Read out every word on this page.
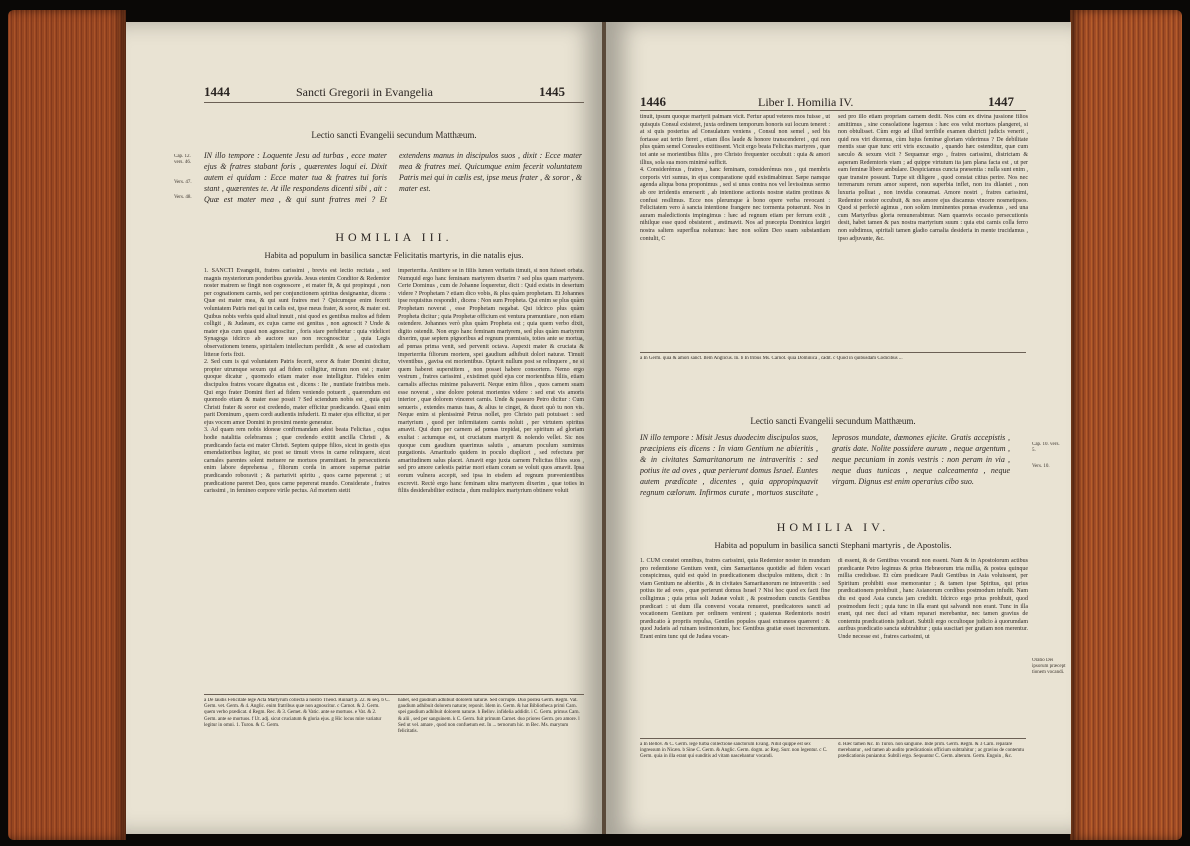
1444	Sancti Gregorii in Evangelia	1445
Lectio sancti Evangelii secundum Matthæum.
Cap. 12. vers. 46.
Vers. 47.
Vers. 48.
IN illo tempore : Loquente Jesu ad turbas , ecce mater ejus & fratres stabant foris , quærentes loqui ei. Dixit autem ei quidam : Ecce mater tua & fratres tui foris stant , quærentes te. At ille respondens dicenti sibi , ait : Quæ est mater mea , & qui sunt fratres mei ? Et extendens manus in discipulos suos , dixit : Ecce mater mea & fratres mei. Quicumque enim fecerit voluntatem Patris mei qui in cælis est, ipse meus frater , & soror , & mater est.
HOMILIA III.
Habita ad populum in basilica sanctæ Felicitatis martyris, in die natalis ejus.
1. SANCTI Evangelii, fratres carissimi , brevis est lectio recitata , sed magnis mysteriorum ponderibus gravida. Jesus etenim Conditor & Redemtor noster matrem se fingit non cognoscere , et mater fit, & qui propinqui , non per cognationem carnis, sed per conjunctionem spiritus designantur, dicens : Quæ est mater mea, & qui sunt fratres mei ? Quicumque enim fecerit voluntatem Patris mei qui in cælis est, ipse meus frater, & soror, & mater est. Quibus nobis verbis quid aliud innuit , nisi quod ex gentibus multos ad fidem colligit , & Judæam, ex cujus carne est genitus , non agnoscit ? Unde & mater ejus cum quasi non agnoscitur , foris stare perhibetur : quia videlicet Synagoga idcirco ab auctore suo non recognoscitur , quia Legis observationem tenens, spiritalem intellectum perdidit , & sese ad custodiam litteræ foris fixit.
2. Sed cum is qui voluntatem Patris fecerit, soror & frater Domini dicitur, propter utrumque sexum qui ad fidem colligitur, mirum non est ; mater quoque dicatur , quomodo etiam mater esse intelligitur. Fideles enim discipulos fratres vocare dignatus est , dicens : Ite , nuntiate fratribus meis. Qui ergo frater Domini fieri ad fidem veniendo potuerit , quærendum est quomodo etiam & mater esse possit ? Sed sciendum nobis est , quia qui Christi frater & soror est credendo, mater efficitur prædicando. Quasi enim parit Dominum , quem cordi audientis infuderit. Et mater ejus efficitur, si per ejus vocem amor Domini in proximi mente generatur.
3. Ad quam rem nobis idoneæ confirmandam adest beata Felicitas , cujus hodie natalitia celebramus ; quæ credendo extitit ancilla Christi , & prædicando facta est mater Christi. Septem quippe filios, sicut in gestis ejus emendatioribus legitur, sic post se timuit vivos in carne relinquere, sicut carnales parentes solent metuere ne mortuos præmittant. In persecutionis enim labore deprehensa , filiorum corda in amore supernæ patriæ prædicando roboravit ; & parturivit spiritu , quos carne pepererat ; ut prædicatione pareret Deo, quos carne pepererat mundo. Considerate , fratres carissimi , in femineo corpore virile pectus. Ad mortem stetit
imperterrita. Amittere se in filiis lumen veritatis timuit, si non fuisset orbata. Numquid ergo hanc feminam martyrem dixerim ? sed plus quam martyrem. Certe Dominus , cum de Johanne loqueretur, dicit : Quid existis in desertum videre ? Prophetam ? etiam dico vobis, & plus quàm prophetam. Et Johannes ipse requisitus respondit , dicens : Non sum Propheta. Qui enim se plus quàm Prophetam noverat , esse Prophetam negabat. Qui idcirco plus quàm Propheta dicitur ; quia Prophetæ officium est ventura prænuntiare , non etiam ostendere. Johannes verò plus quàm Propheta est ; quia quem verbo dixit, digito ostendit. Non ergo hanc feminam martyrem, sed plus quàm martyrem dixerim, quæ septem pignoribus ad regnum præmissis, toties ante se mortua, ad pœnas prima venit, sed pervenit octava. Aspexit mater & cruciata & imperterrita filiorum mortem, spei gaudium adhibuit dolori naturæ. Timuit viventibus , gavisa est morientibus. Optavit nullum post se relinquere , ne si quem haberet superstitem , non posset habere consortem. Nemo ergo vestrum , fratres carissimi , existimet quòd ejus cor morientibus filiis, etiam carnalis affectus minime pulsaverit. Neque enim filios , quos camem suam esse noverat , sine dolore poterat morientes videre : sed erat vis amoris interior , quæ dolorem vinceret carnis. Unde & passuro Petro dicitur : Cum senueris , extendes manus tuas, & alius te cinget, & ducet quò tu non vis. Neque enim si plenissimè Petrus nollet, pro Christo pati potuisset : sed martyrium , quod per infirmitatem carnis noluit , per virtutem spiritus amavit. Qui dum per carnem ad pœnas trepidat, per spiritum ad gloriam exultat : actumque est, ut cruciatum martyrii & nolendo vellet. Sic nos quoque cum gaudium quærimus salutis , amarum poculum sumimus purgationis. Amaritudo quidem in poculo displicet , sed refectura per amaritudinem salus placet. Amavit ergo juxta carnem Felicitas filios suos , sed pro amore cælestis patriæ mori etiam coram se voluit quos amavit. Ipsa eorum vulnera accepit, sed ipsa in eisdem ad regnum prævenientibus excrevit. Rectè ergo hanc feminam ultra martyrem dixerim , quæ toties in filiis desiderabiliter extincta , dum multiplex martyrium obtinere voluit
a De laudis Felicitate lege Acta Martyrum collecta à nostro Theod. Ruinart p. 22. & seq. b C. Germ. vet. Germ. & 4. Anglic. enim fratribus quæ non agnoscitur. c Carnot. & 2. Germ. quem verbo prædicat. d Regm. Rec. & 3. Gemet. & Vatic. ante se mortuos. e Vat. & 2. Germ. ante se mortuos. f Ut. adj. sicut cruciatum & gloria ejus. g Hic locus mire variatur legitur in omni. 1. Turon. & C. Germ.
habet, sed gaudium adhibuit dolorem naturæ. Sed corrupte. Duo postea Germ. Regm. Vat. gaudium adhibuit dolorem naturæ; reponit. Idem in. Germ. & hat Bibliotheca primi Carn. spei gaudium adhibuit dolorem naturæ. h Bellov. infidelia addidit. i C. Germ. primus Carn. & alii , sed per sanguinem. k C. Germ. fuit primum Carnet. duo priores Germ. pro amore. l Sed ut vel. amare , quod non confuetum est. In ... ternorum hic. m Bec. Ms. marytum felicitatis.
1446	Liber I. Homilia IV.	1447
tinuit, ipsum quoque martyrii palmam vicit. Fertur apud veteres mos fuisse , ut quisquis Consul existeret, juxta ordinem temporum honoris sui locum teneret : at si quis posterius ad Consulatum veniens , Consul non semel , sed bis fortasse aut tertio fieret , etiam illos laude & honore transcenderet , qui non plus quàm semel Consules extitissent. Vicit ergo beata Felicitas martyres , quæ tot ante se morientibus filiis , pro Christo frequenter occubuit : quia & amori illius, sola sua mors minimè sufficit.
4. Considerémus , fratres , hanc feminam, considerémus nos , qui membris corporis viri sumus, in ejus comparatione quid existimabimur. Sæpe namque agenda aliqua bona proponimus , sed si unus contra nos vel levissimus sermo ab ore irridentis emerserit , ab intentione actionis nostræ statim protinus & confusi resilimus. Ecce nos plerumque à bono opere verba revocant : Felicitatem vero à sancta intentione frangere nec tormenta potuerunt. Nos in auram maledictionis impingimus : hæc ad regnum etiam per ferrum exiit , nihilque esse quod obsisteret , æstimavit. Nos ad præcepta Dominica largiri nostra saltem superflua nolumus: hæc non solùm Deo suam substantiam contulit, C
sed pro illo etiam propriam carnem dedit. Nos cùm ex divina jussione filios amittimus , sine consolatione lugemus : hæc eos velut mortuos plangeret, si non obtulisset. Cùm ergo ad illud terribile examen districti judicis venerit , quid nos viri dicemus, cùm hujus feminæ gloriam viderimus ? De debilitate mentis suæ quæ tunc erit viris excusatio , quando hæc ostenditur, quæ cum sæculo & sexum vicit ? Sequamur ergo , fratres carissimi, districtam & asperam Redemtoris viam ; ad quippe virtutum ita jam plana facta est , ut per eam feminæ libere ambulare. Despiciamus cuncta præsentia : nulla sunt enim , quæ transire possunt. Turpe sit diligere , quod constat citius perire. Nos nec terrenarum rerum amor superet, non superbia inflet, non ira dilaniet , non luxuria polluat , non invidia consumat. Amore nostri , fratres carissimi, Redemtor noster occubuit, & nos amore ejus discamus vincere nosmetipsos. Quod si perfectè agimus , non solùm imminentes pœnas evademus , sed una cum Martyribus gloria remunerabimur. Nam quamvis occasio persecutionis desit, habet tamen & pax nostra martyrium suum : quia etsi carnis colla ferro non subdimus, spiritali tamen gladio carnalia desideria in mente trucidamus , ipso adjuvante, &c.
a In Germ. quia & amori sanct. Item Anglicus. In. b In tribus Ms. Carnot. quia Dominica , cadit. c Quod in quibusdam Codicibus ...
Lectio sancti Evangelii secundum Matthæum.
IN illo tempore : Misit Jesus duodecim discipulos suos, præcipiens eis dicens : In viam Gentium ne abieritis , & in civitates Samaritanorum ne intraveritis : sed potius ite ad oves , quæ perierunt domus Israel. Euntes autem prædicate , dicentes , quia appropinquavit regnum cælorum. Infirmos curate , mortuos suscitate , leprosos mundate, dæmones ejicite. Gratis accepistis , gratis date. Nolite possidere aurum , neque argentum , neque pecuniam in zonis vestris : non peram in via , neque duas tunicas , neque calceamenta , neque virgam. Dignus est enim operarius cibo suo.
Cap. 10. vers. 5.
Vers. 10.
HOMILIA IV.
Habita ad populum in basilica sancti Stephani martyris , de Apostolis.
1. CUM constet omnibus, fratres carissimi, quia Redemtor noster in mundum pro redemtione Gentium venit, cùm Samaritanos quotidie ad fidem vocari conspicimus, quid est quòd in prædicationem discipulos mittens, dicit : In viam Gentium ne abieritis , & in civitates Samaritanorum ne intraveritis : sed potius ite ad oves , quæ perierunt domus Israel ? Nisi hoc quod ex facti fine colligimus ; quia prius soli Judææ voluit , & postmodum cunctis Gentibus prædicari : ut dum illa conversi vocata renueret, prædicatores sancti ad vocationem Gentium per ordinem venirent ; quatenus Redemtoris nostri prædicatio à propriis repulsa, Gentiles populos quasi extraneos quæreret : & quod Judæis ad ruinam testimonium, hoc Gentibus gratiæ esset incrementum. Erant enim tunc qui de Judæa vocan-
di essent, & de Gentibus vocandi non essent. Nam & in Apostolorum actibus prædicante Petro legimus & prius Hebræorum tria millia, & postea quinque millia credidisse. Et cùm prædicare Pauli Gentibus in Asia voluissent, per Spiritum prohibiti esse memorantur ; & tamen ipse Spiritus, qui prius prædicationem prohibuit , hanc Asianorum cordibus postmodum infudit. Nam diu est quod Asia cuncta jam credidit. Idcirco ergo prius prohibuit, quod postmodum fecit ; quia tunc in illa erant qui salvandi non erant. Tunc in illa erant, qui nec duci ad vitam reparari merebantur, nec tamen gravius de contemtu prædicationis judicari. Subtili ergo occultoque judicio à quorumdam auribus prædicatio sancta subtrahitur ; quia suscitari per gratiam non merentur. Unde necesse est , fratres carissimi, ut
Oratio Dei ipsorum præcept tionem vocandi.
a In Bellov. & C. Germ. lege turba collectione sanctorum Evang. Nihil quippe est sex ingressum in Nicæn. b Sine C. Germ. & Anglic. Germ. dogm. ac Reg. Surr. non legentur. c C. Germ. quia in illa erant qui sunditis ad vitam nascebantur vocandi.
d. Hæc tamen &c. In Turon. non sanguine. Inde prim. Germ. Regm. & 3 Carn. reparare merebantur , sed tamen ab audito prædicationis officium subtrahitur ; ac gravius de contemtu prædicationis puniantur. Subtili ergo. Sequuntur C. Germ. alterum. Germ. Engoin , &c.
